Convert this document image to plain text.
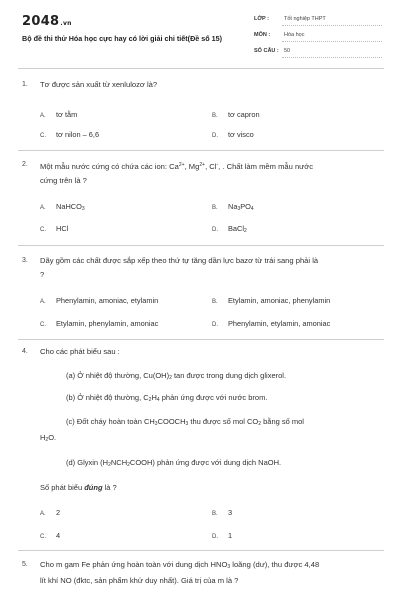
2048.vn
Bộ đề thi thử Hóa học cực hay có lời giải chi tiết(Đề số 15)
LỚP :	Tốt nghiệp THPT
MÔN :	Hóa học
SỐ CÂU : 50
1. Tơ được sản xuất từ xenlulozơ là?
A. tơ tằm	B. tơ capron
C. tơ nilon – 6,6	D. tơ visco
2. Một mẫu nước cứng có chứa các ion: $Ca^{2+}$, $Mg^{2+}$, Cl-, . Chất làm mềm mẫu nước
cứng trên là ?
A. NaHCO$_3$	B. $Na_3PO_4$
C. HCl	D. BaCl$_2$
3. Dãy gồm các chất được sắp xếp theo thứ tự tăng dần lực bazơ từ trái sang phải là
?
A. Phenylamin, amoniac, etylamin	B. Etylamin, amoniac, phenylamin
C. Etylamin, phenylamin, amoniac	D. Phenylamin, etylamin, amoniac
4. Cho các phát biểu sau :
(a) Ở nhiệt độ thường, $Cu(OH)_2$ tan được trong dung dịch glixerol.
(b) Ở nhiệt độ thường, $C_2H_4$ phản ứng được với nước brom.
(c) Đốt cháy hoàn toàn $CH_3COOCH_3$ thu được số mol $CO_2$ bằng số mol
$H_2O$.
(d) Glyxin $(H_2NCH_2COOH)$ phản ứng được với dung dịch NaOH.
Số phát biểu đúng là ?
A. 2	B. 3
C. 4	D. 1
5. Cho m gam Fe phản ứng hoàn toàn với dung dịch $HNO_3$ loãng (dư), thu được 4,48
lít khí NO (đktc, sản phẩm khử duy nhất). Giá trị của m là ?
